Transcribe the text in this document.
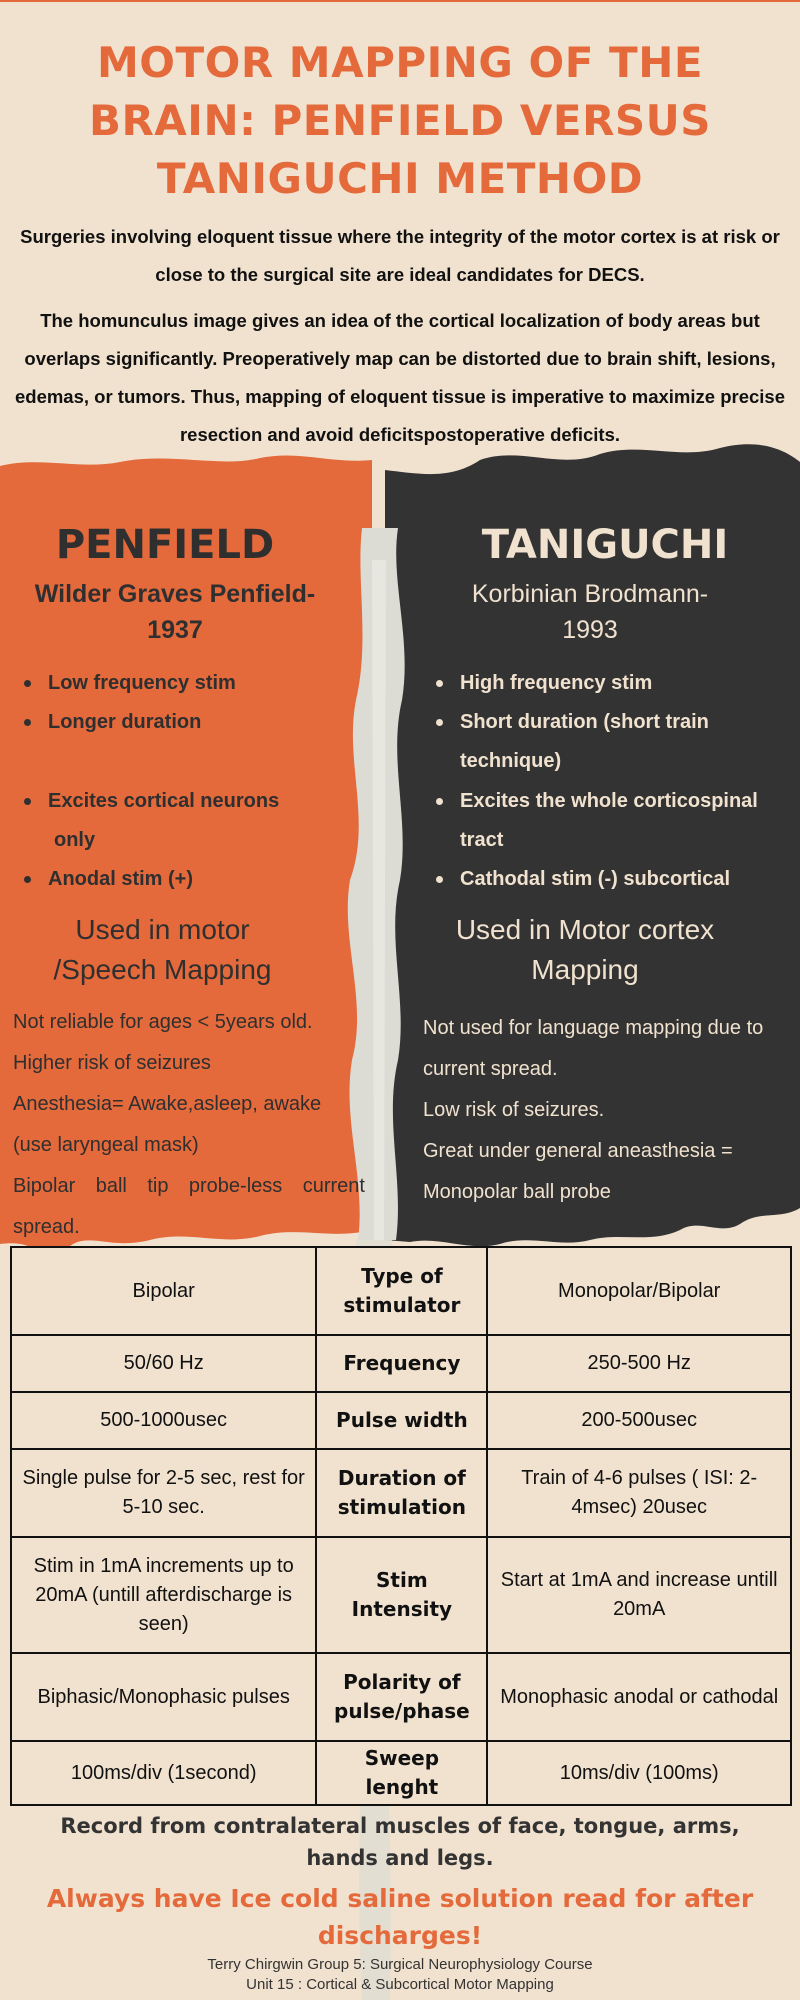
MOTOR MAPPING OF THE BRAIN: PENFIELD VERSUS TANIGUCHI METHOD
Surgeries involving eloquent tissue where the integrity of the motor cortex is at risk or close to the surgical site are ideal candidates for DECS.
The homunculus image gives an idea of the cortical localization of body areas but overlaps significantly. Preoperatively map can be distorted due to brain shift, lesions, edemas, or tumors. Thus, mapping of eloquent tissue is imperative to maximize precise resection and avoid deficitspostoperative deficits.
PENFIELD
Wilder Graves Penfield-
1937
Low frequency stim
Longer duration
Excites cortical neurons
only
Anodal stim (+)
Used in motor
/Speech Mapping
Not reliable for ages < 5years old.
Higher risk of seizures
Anesthesia= Awake,asleep, awake
(use laryngeal mask)
Bipolar ball tip probe-less current
spread.
TANIGUCHI
Korbinian Brodmann-
1993
High frequency stim
Short duration (short train
technique)
Excites the whole corticospinal
tract
Cathodal stim (-) subcortical
Used in Motor cortex
Mapping
Not used for language mapping due to
current spread.
Low risk of seizures.
Great under general aneasthesia =
Monopolar ball probe
Bipolar	Type of stimulator	Monopolar/Bipolar
50/60 Hz	Frequency	250-500 Hz
500-1000usec	Pulse width	200-500usec
Single pulse for 2-5 sec, rest for 5-10 sec.	Duration of stimulation	Train of 4-6 pulses ( ISI: 2-4msec) 20usec
Stim in 1mA increments up to 20mA (untill afterdischarge is seen)	Stim Intensity	Start at 1mA and increase untill 20mA
Biphasic/Monophasic pulses	Polarity of pulse/phase	Monophasic anodal or cathodal
100ms/div (1second)	Sweep lenght	10ms/div (100ms)
Record from contralateral muscles of face, tongue, arms, hands and legs.
Always have Ice cold saline solution read for after discharges!
Terry Chirgwin Group 5: Surgical Neurophysiology Course
Unit 15 : Cortical & Subcortical Motor Mapping
